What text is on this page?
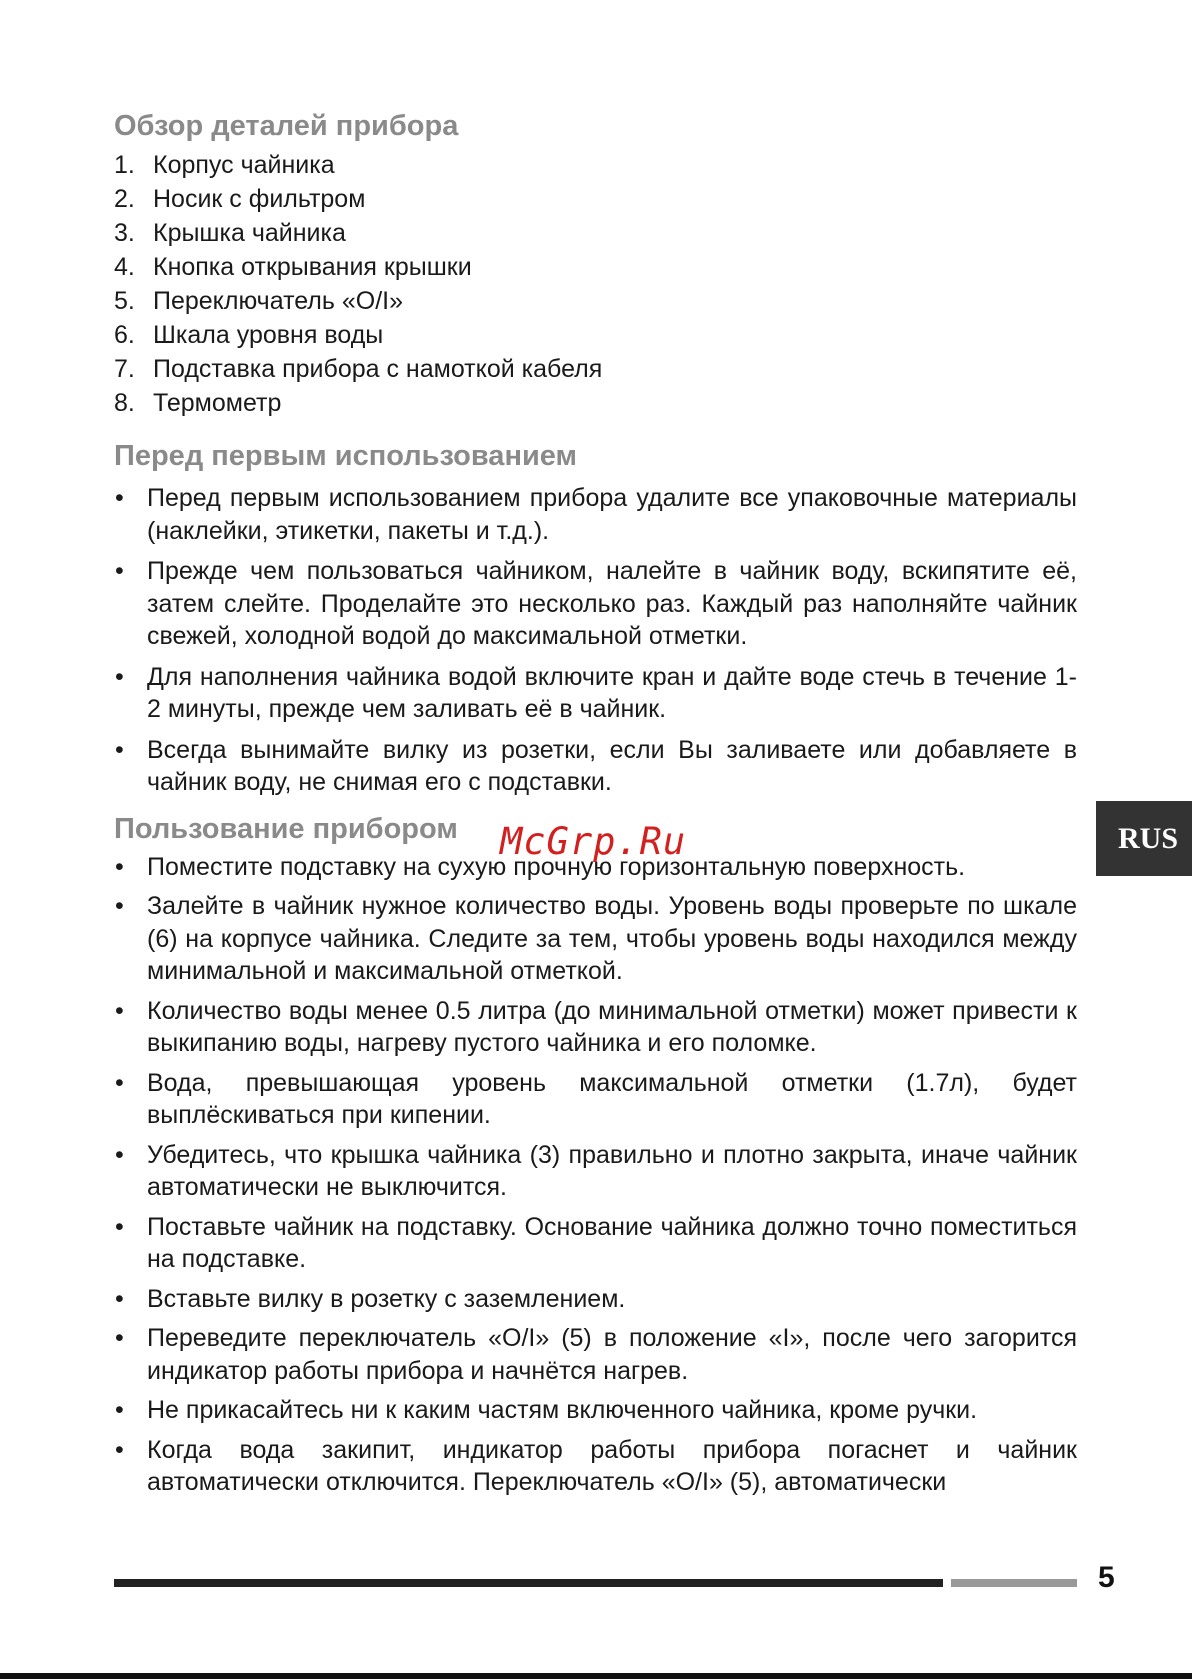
Обзор деталей прибора
1. Корпус чайника
2. Носик с фильтром
3. Крышка чайника
4. Кнопка открывания крышки
5. Переключатель «O/I»
6. Шкала уровня воды
7. Подставка прибора с намоткой кабеля
8. Термометр
Перед первым использованием
• Перед первым использованием прибора удалите все упаковочные материалы (наклейки, этикетки, пакеты и т.д.).
• Прежде чем пользоваться чайником, налейте в чайник воду, вскипятите её, затем слейте. Проделайте это несколько раз. Каждый раз наполняйте чайник свежей, холодной водой до максимальной отметки.
• Для наполнения чайника водой включите кран и дайте воде стечь в течение 1-2 минуты, прежде чем заливать её в чайник.
• Всегда вынимайте вилку из розетки, если Вы заливаете или добавляете в чайник воду, не снимая его с подставки.
Пользование прибором
• Поместите подставку на сухую прочную горизонтальную поверхность.
• Залейте в чайник нужное количество воды. Уровень воды проверьте по шкале (6) на корпусе чайника. Следите за тем, чтобы уровень воды находился между минимальной и максимальной отметкой.
• Количество воды менее 0.5 литра (до минимальной отметки) может привести к выкипанию воды, нагреву пустого чайника и его поломке.
• Вода, превышающая уровень максимальной отметки (1.7л), будет выплёскиваться при кипении.
• Убедитесь, что крышка чайника (3) правильно и плотно закрыта, иначе чайник автоматически не выключится.
• Поставьте чайник на подставку. Основание чайника должно точно поместиться на подставке.
• Вставьте вилку в розетку с заземлением.
• Переведите переключатель «O/I» (5) в положение «I», после чего загорится индикатор работы прибора и начнётся нагрев.
• Не прикасайтесь ни к каким частям включенного чайника, кроме ручки.
• Когда вода закипит, индикатор работы прибора погаснет и чайник автоматически отключится. Переключатель «O/I» (5), автоматически
McGrp.Ru	RUS
5
